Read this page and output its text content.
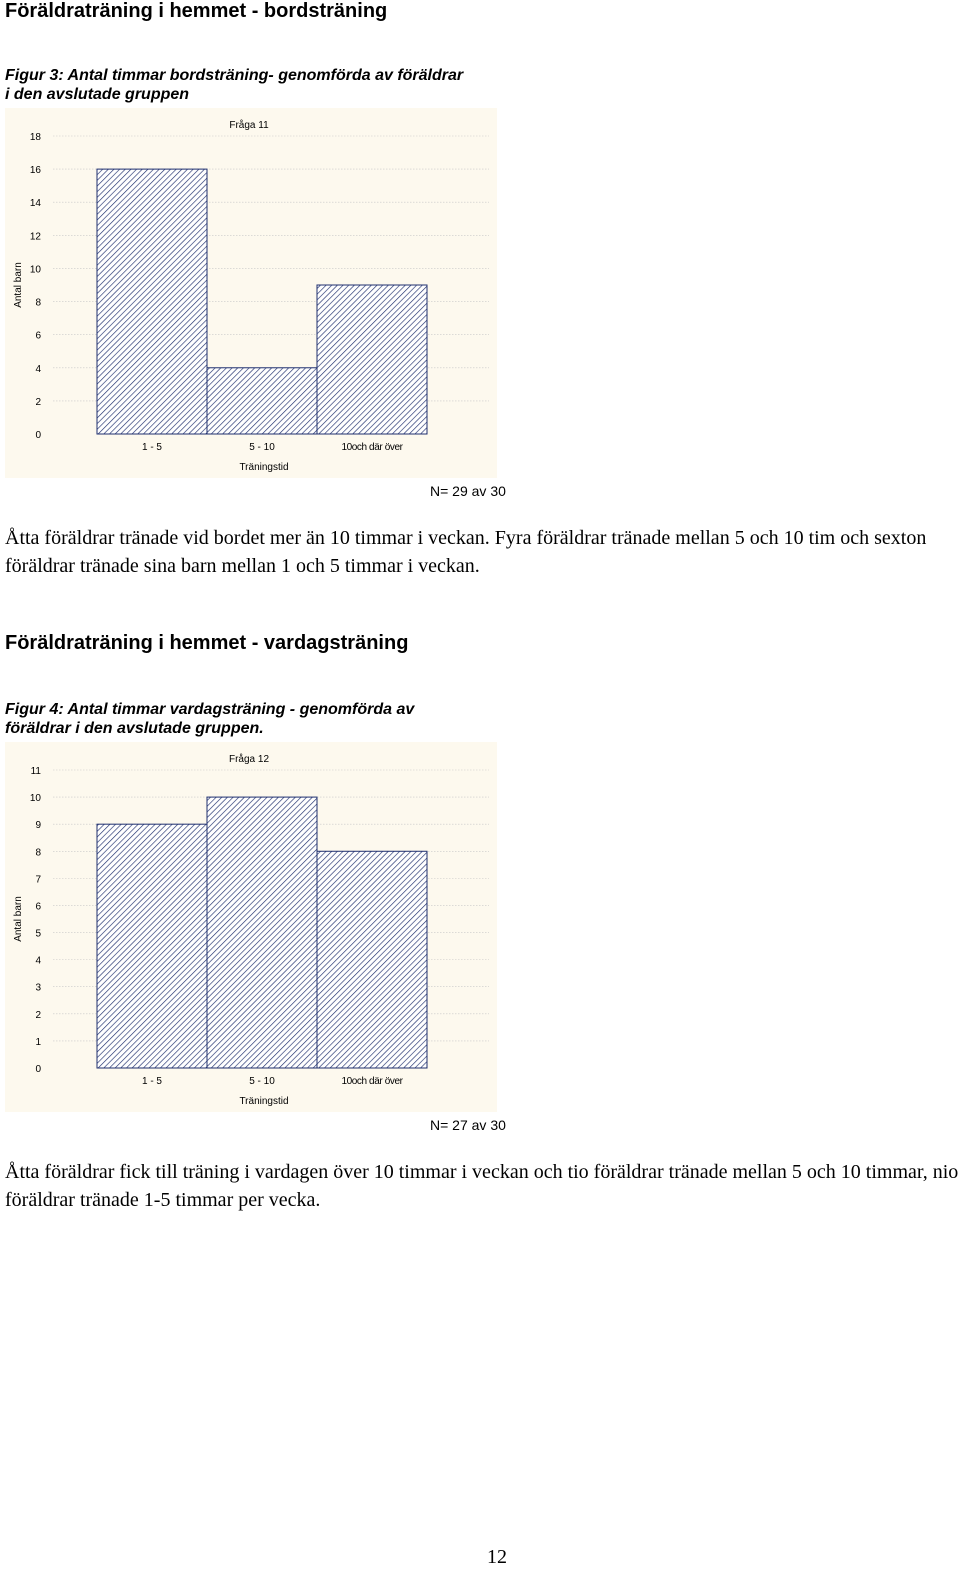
Föräldraträning i hemmet - bordsträning
Figur 3: Antal timmar bordsträning- genomförda av föräldrar
i den avslutade gruppen
0
2
4
6
8
10
12
14
16
18
1 - 5	5 - 10	10och där över
Fråga 11
Träningstid
Antal barn

N= 29 av 30

Åtta föräldrar tränade vid bordet mer än 10 timmar i veckan. Fyra föräldrar tränade mellan 5 och 10 tim och sexton föräldrar tränade sina barn mellan 1 och 5 timmar i veckan.

Föräldraträning i hemmet - vardagsträning
Figur 4: Antal timmar vardagsträning - genomförda av
föräldrar i den avslutade gruppen.
0
1
2
3
4
5
6
7
8
9
10
11
1 - 5	5 - 10	10och där över
Fråga 12
Träningstid
Antal barn

N= 27 av 30

Åtta föräldrar fick till träning i vardagen över 10 timmar i veckan och tio föräldrar tränade mellan 5 och 10 timmar, nio föräldrar tränade 1-5 timmar per vecka.

12
